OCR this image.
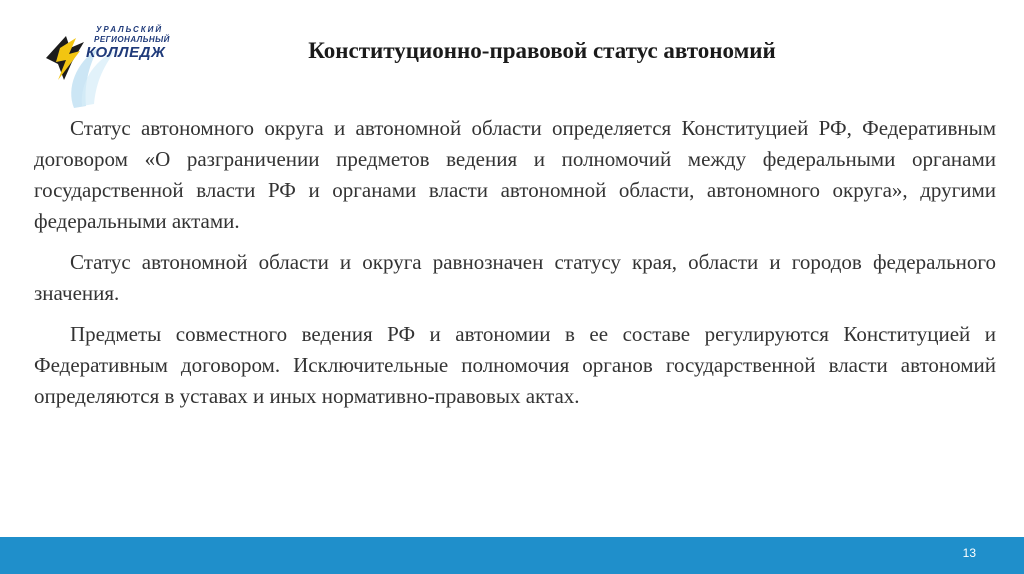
УРАЛЬСКИЙ
РЕГИОНАЛЬНЫЙ
КОЛЛЕДЖ	Конституционно-правовой статус автономий

Статус автономного округа и автономной области определяется Конституцией РФ, Федеративным договором «О разграничении предметов ведения и полномочий между федеральными органами государственной власти РФ и органами власти автономной области, автономного округа», другими федеральными актами.

Статус автономной области и округа равнозначен статусу края, области и городов федерального значения.

Предметы совместного ведения РФ и автономии в ее составе регулируются Конституцией и Федеративным договором. Исключительные полномочия органов государственной власти автономий определяются в уставах и иных нормативно-правовых актах.

13
